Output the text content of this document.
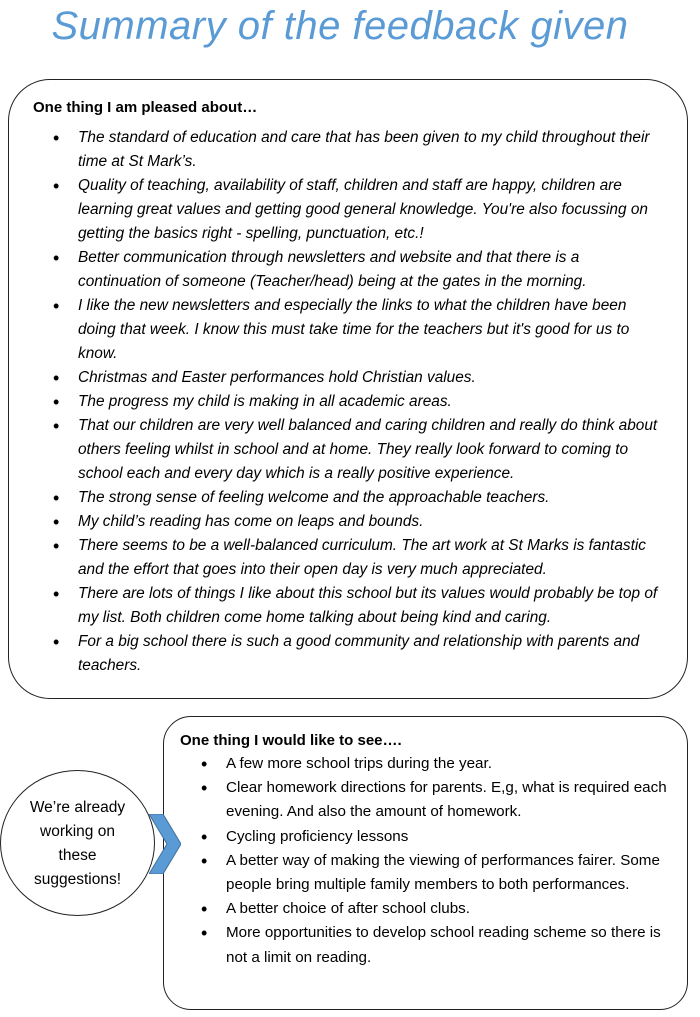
Summary of the feedback given
One thing I am pleased about…
• The standard of education and care that has been given to my child throughout their time at St Mark’s.
• Quality of teaching, availability of staff, children and staff are happy, children are learning great values and getting good general knowledge. You're also focussing on getting the basics right - spelling, punctuation, etc.!
• Better communication through newsletters and website and that there is a continuation of someone (Teacher/head) being at the gates in the morning.
• I like the new newsletters and especially the links to what the children have been doing that week. I know this must take time for the teachers but it's good for us to know.
• Christmas and Easter performances hold Christian values.
• The progress my child is making in all academic areas.
• That our children are very well balanced and caring children and really do think about others feeling whilst in school and at home. They really look forward to coming to school each and every day which is a really positive experience.
• The strong sense of feeling welcome and the approachable teachers.
• My child’s reading has come on leaps and bounds.
• There seems to be a well-balanced curriculum. The art work at St Marks is fantastic and the effort that goes into their open day is very much appreciated.
• There are lots of things I like about this school but its values would probably be top of my list. Both children come home talking about being kind and caring.
• For a big school there is such a good community and relationship with parents and teachers.
One thing I would like to see….
• A few more school trips during the year.
• Clear homework directions for parents. E,g, what is required each evening. And also the amount of homework.
• Cycling proficiency lessons
• A better way of making the viewing of performances fairer. Some people bring multiple family members to both performances.
• A better choice of after school clubs.
• More opportunities to develop school reading scheme so there is not a limit on reading.
We’re already working on these suggestions!
